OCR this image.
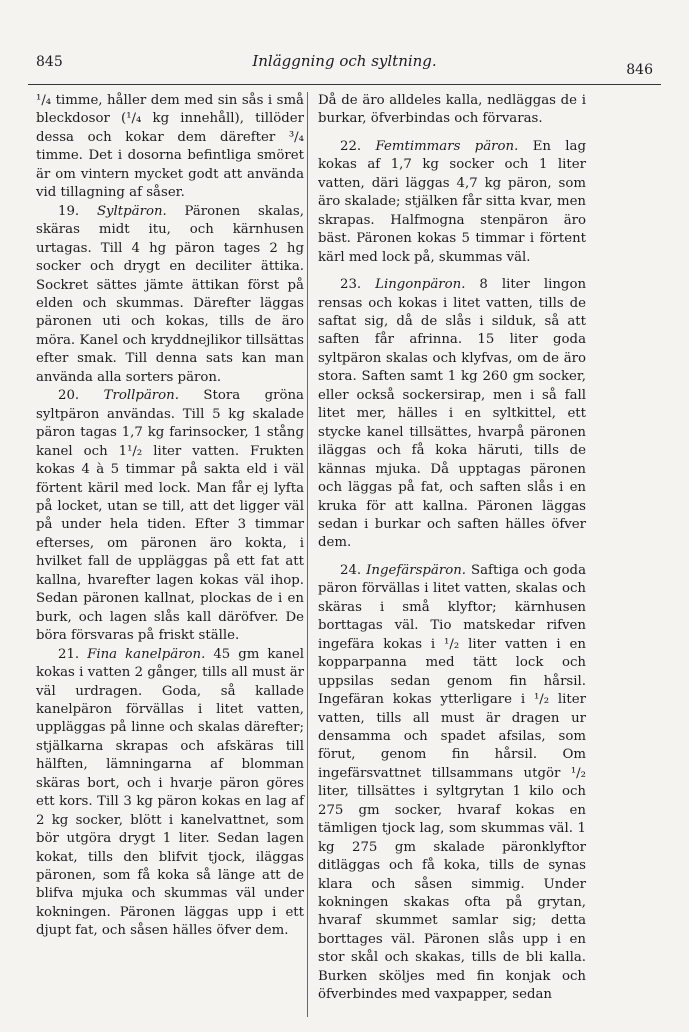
845	Inläggning och syltning.	846

¹/₄ timme, håller dem med sin sås i små bleckdosor (¹/₄ kg innehåll), tillöder dessa och kokar dem därefter ³/₄ timme. Det i dosorna befintliga smöret är om vintern mycket godt att använda vid tillagning af såser.

19. Syltpäron. Päronen skalas, skäras midt itu, och kärnhusen urtagas. Till 4 hg päron tages 2 hg socker och drygt en deciliter ättika. Sockret sättes jämte ättikan först på elden och skummas. Därefter läggas päronen uti och kokas, tills de äro möra. Kanel och kryddnejlikor tillsättas efter smak. Till denna sats kan man använda alla sorters päron.

20. Trollpäron. Stora gröna syltpäron användas. Till 5 kg skalade päron tagas 1,7 kg farinsocker, 1 stång kanel och 1¹/₂ liter vatten. Frukten kokas 4 à 5 timmar på sakta eld i väl förtent käril med lock. Man får ej lyfta på locket, utan se till, att det ligger väl på under hela tiden. Efter 3 timmar efterses, om päronen äro kokta, i hvilket fall de uppläggas på ett fat att kallna, hvarefter lagen kokas väl ihop. Sedan päronen kallnat, plockas de i en burk, och lagen slås kall däröfver. De böra försvaras på friskt ställe.

21. Fina kanelpäron. 45 gm kanel kokas i vatten 2 gånger, tills all must är väl urdragen. Goda, så kallade kanelpäron förvällas i litet vatten, uppläggas på linne och skalas därefter; stjälkarna skrapas och afskäras till hälften, lämningarna af blomman skäras bort, och i hvarje päron göres ett kors. Till 3 kg päron kokas en lag af 2 kg socker, blött i kanelvattnet, som bör utgöra drygt 1 liter. Sedan lagen kokat, tills den blifvit tjock, iläggas päronen, som få koka så länge att de blifva mjuka och skummas väl under kokningen. Päronen läggas upp i ett djupt fat, och såsen hälles öfver dem.

Då de äro alldeles kalla, nedläggas de i burkar, öfverbindas och förvaras.

22. Femtimmars päron. En lag kokas af 1,7 kg socker och 1 liter vatten, däri läggas 4,7 kg päron, som äro skalade; stjälken får sitta kvar, men skrapas. Halfmogna stenpäron äro bäst. Päronen kokas 5 timmar i förtent kärl med lock på, skummas väl.

23. Lingonpäron. 8 liter lingon rensas och kokas i litet vatten, tills de saftat sig, då de slås i silduk, så att saften får afrinna. 15 liter goda syltpäron skalas och klyfvas, om de äro stora. Saften samt 1 kg 260 gm socker, eller också sockersirap, men i så fall litet mer, hälles i en syltkittel, ett stycke kanel tillsättes, hvarpå päronen iläggas och få koka häruti, tills de kännas mjuka. Då upptagas päronen och läggas på fat, och saften slås i en kruka för att kallna. Päronen läggas sedan i burkar och saften hälles öfver dem.

24. Ingefärspäron. Saftiga och goda päron förvällas i litet vatten, skalas och skäras i små klyftor; kärnhusen borttagas väl. Tio matskedar rifven ingefära kokas i ¹/₂ liter vatten i en kopparpanna med tätt lock och uppsilas sedan genom fin hårsil. Ingefäran kokas ytterligare i ¹/₂ liter vatten, tills all must är dragen ur densamma och spadet afsilas, som förut, genom fin hårsil. Om ingefärsvattnet tillsammans utgör ¹/₂ liter, tillsättes i syltgrytan 1 kilo och 275 gm socker, hvaraf kokas en tämligen tjock lag, som skummas väl. 1 kg 275 gm skalade päronklyftor ditläggas och få koka, tills de synas klara och såsen simmig. Under kokningen skakas ofta på grytan, hvaraf skummet samlar sig; detta borttages väl. Päronen slås upp i en stor skål och skakas, tills de bli kalla. Burken sköljes med fin konjak och öfverbindes med vaxpapper, sedan
